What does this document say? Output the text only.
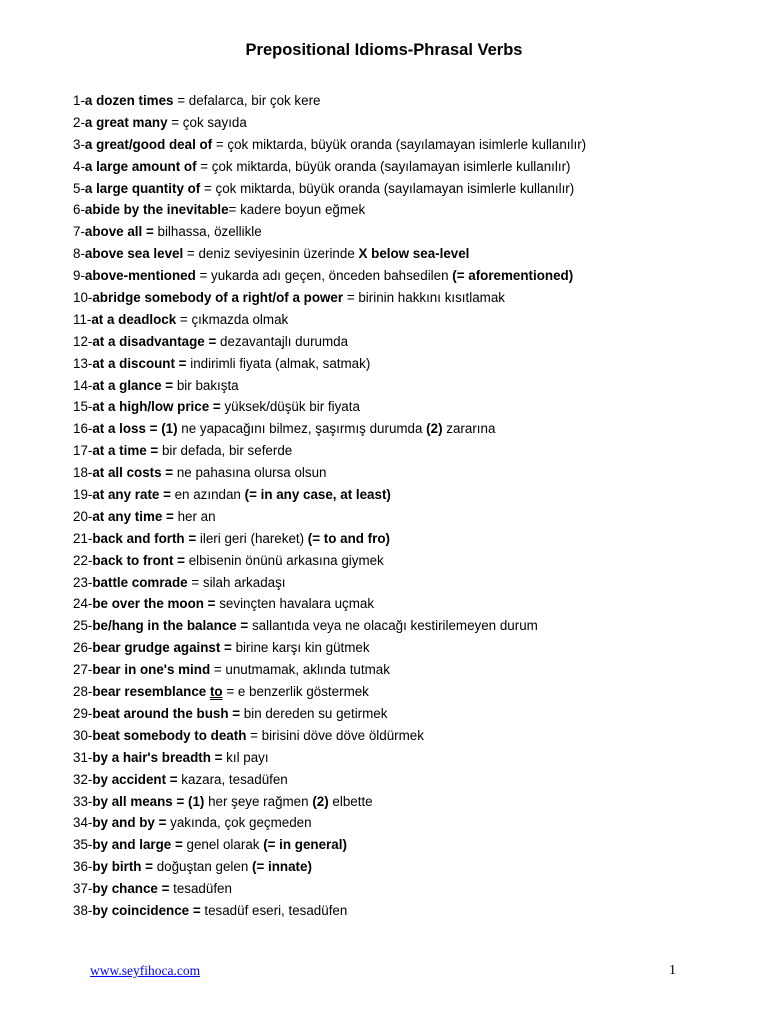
Prepositional Idioms-Phrasal Verbs
1-a dozen times = defalarca, bir çok kere
2-a great many = çok sayıda
3-a great/good deal of = çok miktarda, büyük oranda (sayılamayan isimlerle kullanılır)
4-a large amount of = çok miktarda, büyük oranda (sayılamayan isimlerle kullanılır)
5-a large quantity of = çok miktarda, büyük oranda (sayılamayan isimlerle kullanılır)
6-abide by the inevitable= kadere boyun eğmek
7-above all = bilhassa, özellikle
8-above sea level = deniz seviyesinin üzerinde X below sea-level
9-above-mentioned = yukarda adı geçen, önceden bahsedilen (= aforementioned)
10-abridge somebody of a right/of a power = birinin hakkını kısıtlamak
11-at a deadlock = çıkmazda olmak
12-at a disadvantage = dezavantajlı durumda
13-at a discount = indirimli fiyata (almak, satmak)
14-at a glance = bir bakışta
15-at a high/low price = yüksek/düşük bir fiyata
16-at a loss = (1) ne yapacağını bilmez, şaşırmış durumda (2) zararına
17-at a time = bir defada, bir seferde
18-at all costs = ne pahasına olursa olsun
19-at any rate = en azından (= in any case, at least)
20-at any time = her an
21-back and forth = ileri geri (hareket) (= to and fro)
22-back to front = elbisenin önünü arkasına giymek
23-battle comrade = silah arkadaşı
24-be over the moon = sevinçten havalara uçmak
25-be/hang in the balance = sallantıda veya ne olacağı kestirilemeyen durum
26-bear grudge against = birine karşı kin gütmek
27-bear in one's mind = unutmamak, aklında tutmak
28-bear resemblance to = e benzerlik göstermek
29-beat around the bush = bin dereden su getirmek
30-beat somebody to death = birisini döve döve öldürmek
31-by a hair's breadth = kıl payı
32-by accident = kazara, tesadüfen
33-by all means = (1) her şeye rağmen (2) elbette
34-by and by = yakında, çok geçmeden
35-by and large = genel olarak (= in general)
36-by birth = doğuştan gelen (= innate)
37-by chance = tesadüfen
38-by coincidence = tesadüf eseri, tesadüfen
www.seyfihoca.com	1
